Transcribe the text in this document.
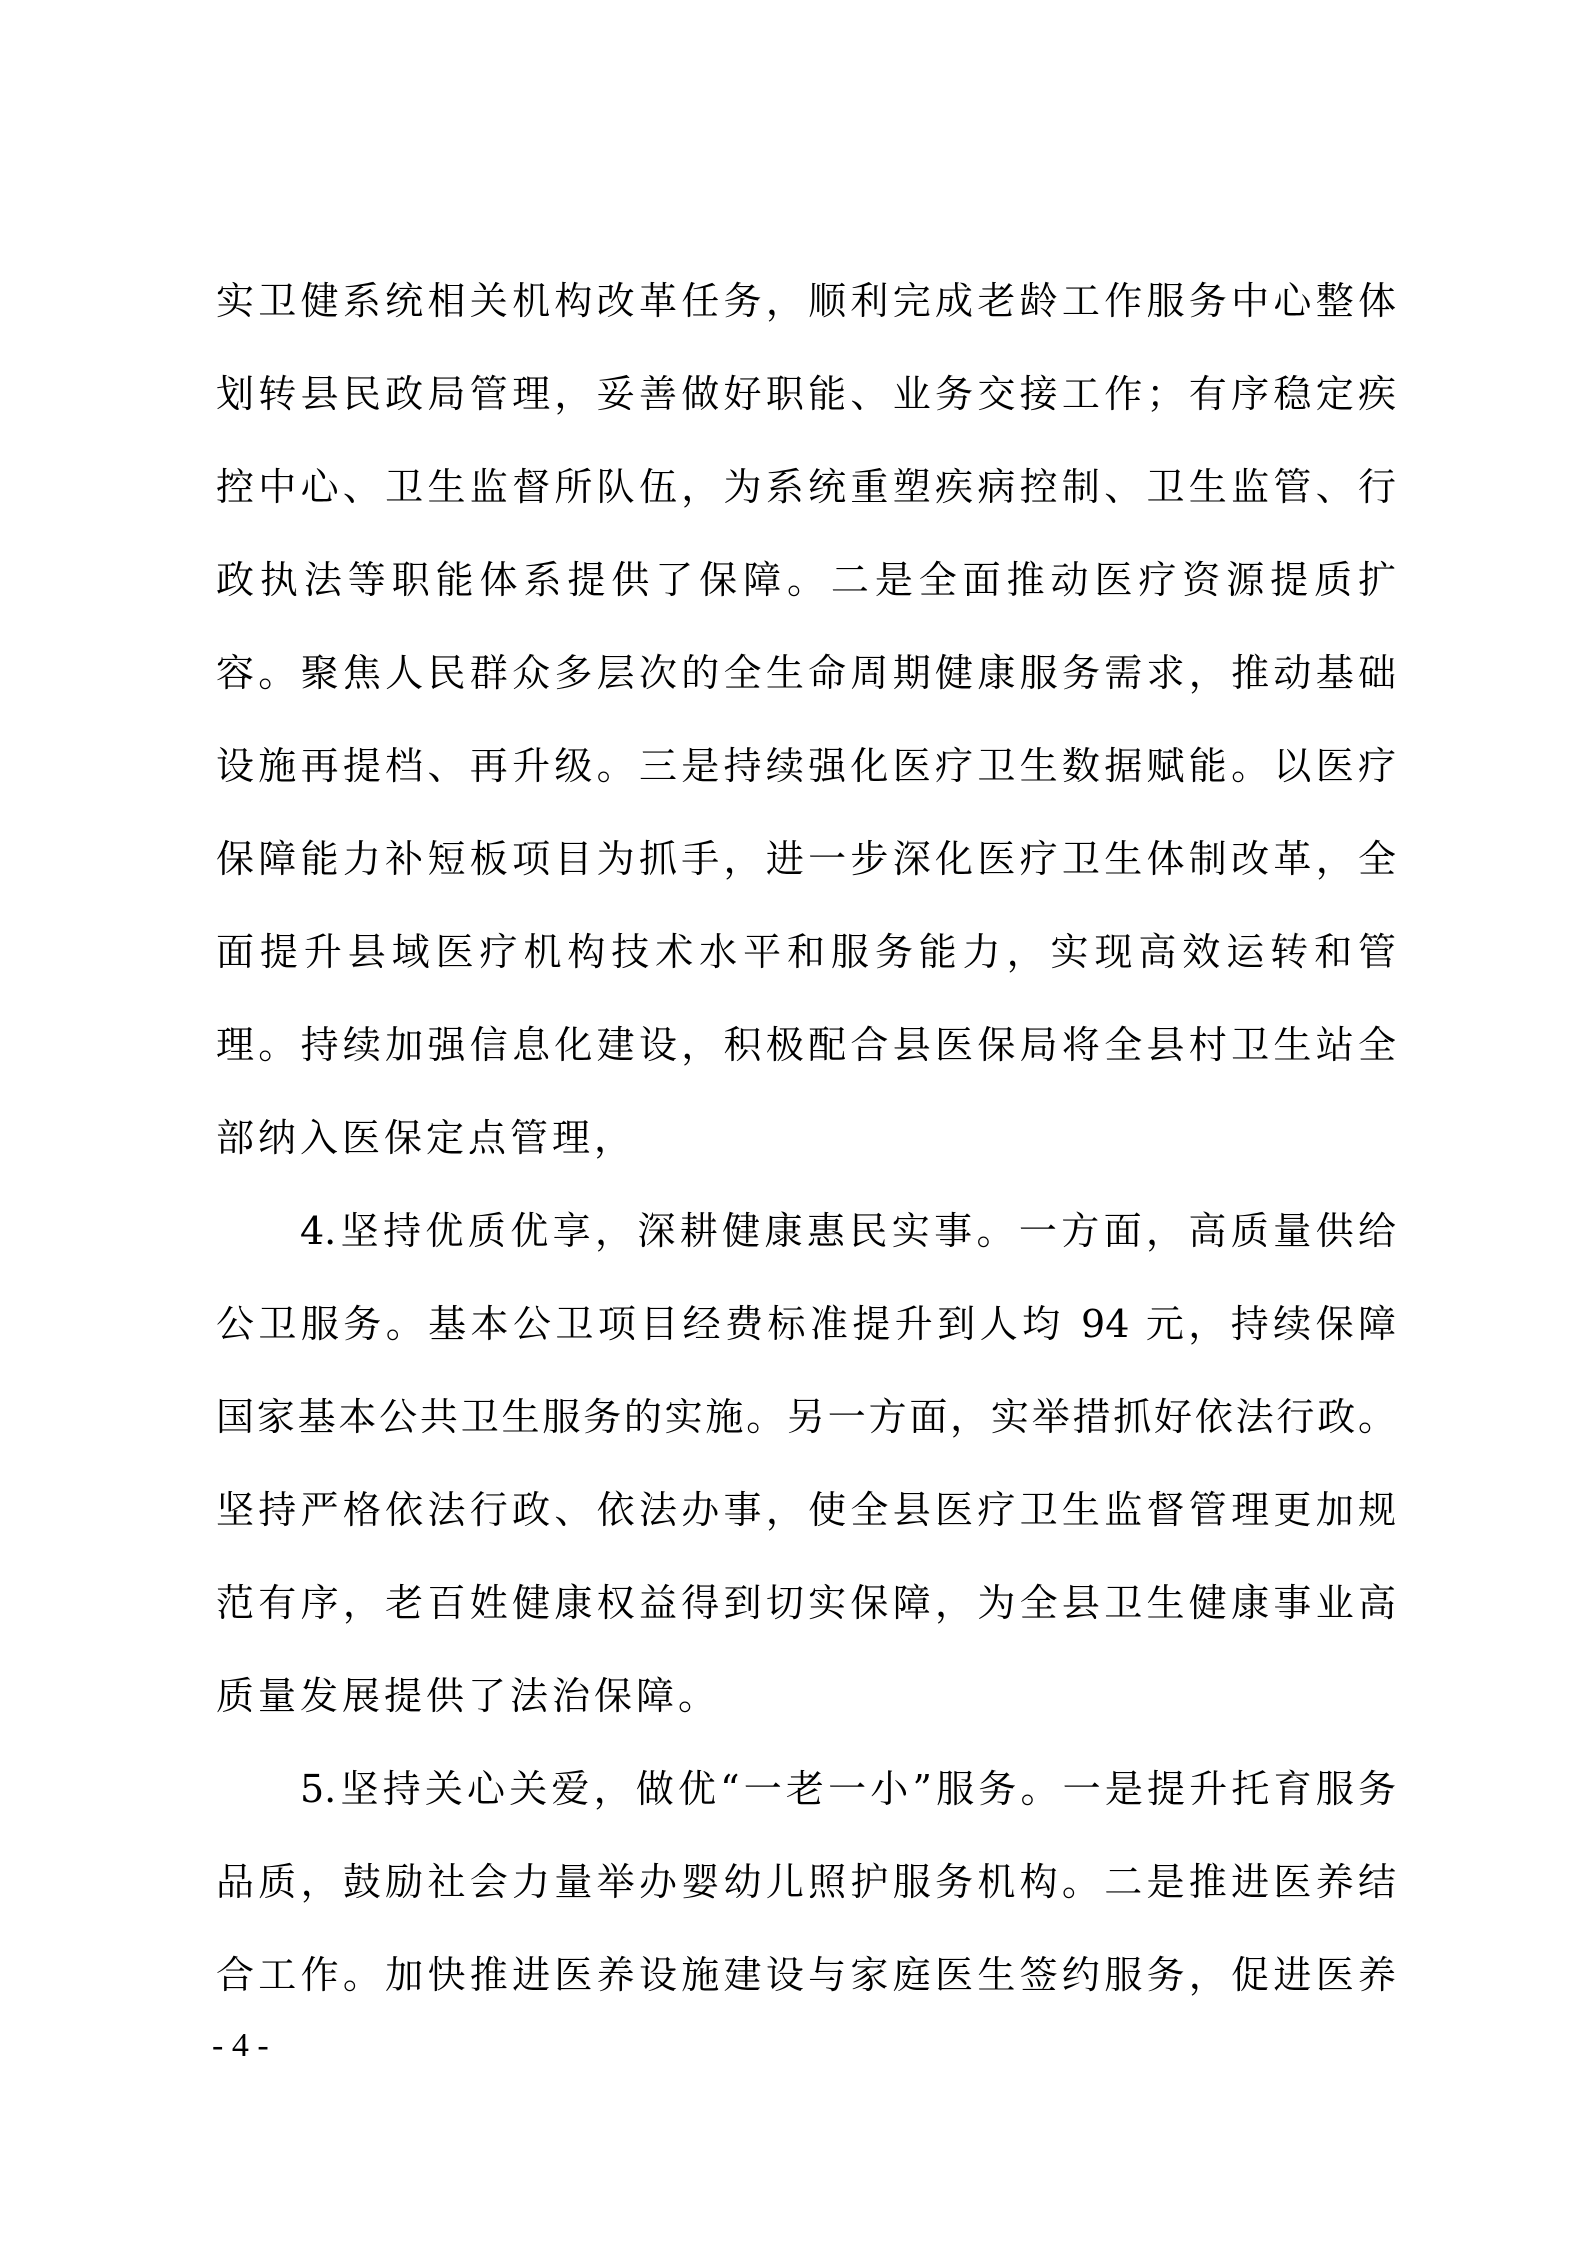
实卫健系统相关机构改革任务，顺利完成老龄工作服务中心整体
划转县民政局管理，妥善做好职能、业务交接工作；有序稳定疾
控中心、卫生监督所队伍，为系统重塑疾病控制、卫生监管、行
政执法等职能体系提供了保障。二是全面推动医疗资源提质扩
容。聚焦人民群众多层次的全生命周期健康服务需求，推动基础
设施再提档、再升级。三是持续强化医疗卫生数据赋能。以医疗
保障能力补短板项目为抓手，进一步深化医疗卫生体制改革，全
面提升县域医疗机构技术水平和服务能力，实现高效运转和管
理。持续加强信息化建设，积极配合县医保局将全县村卫生站全
部纳入医保定点管理，
4.坚持优质优享，深耕健康惠民实事。一方面，高质量供给
公卫服务。基本公卫项目经费标准提升到人均 94 元，持续保障
国家基本公共卫生服务的实施。另一方面，实举措抓好依法行政。
坚持严格依法行政、依法办事，使全县医疗卫生监督管理更加规
范有序，老百姓健康权益得到切实保障，为全县卫生健康事业高
质量发展提供了法治保障。
5.坚持关心关爱，做优“一老一小”服务。一是提升托育服务
品质，鼓励社会力量举办婴幼儿照护服务机构。二是推进医养结
合工作。加快推进医养设施建设与家庭医生签约服务，促进医养
- 4 -
